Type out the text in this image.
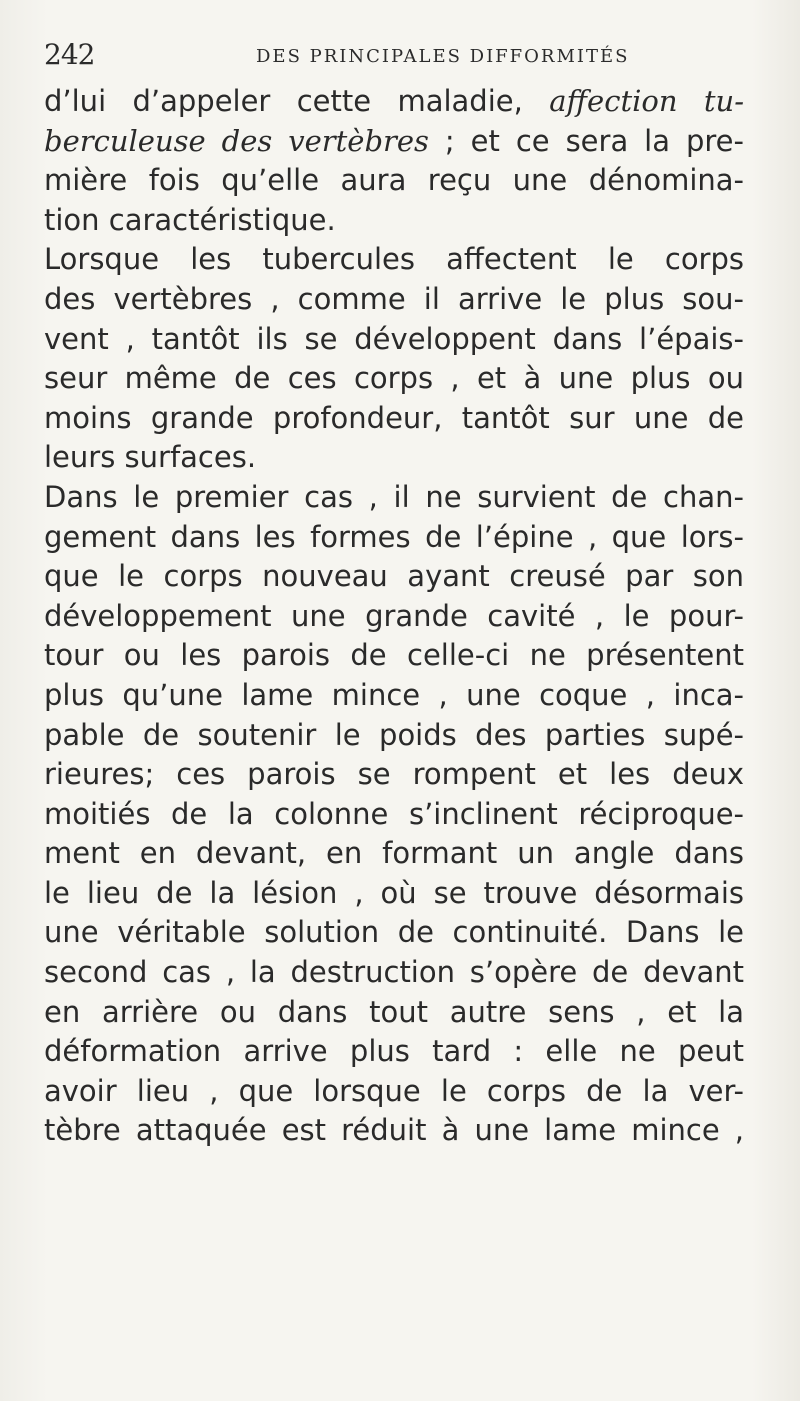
242	DES PRINCIPALES DIFFORMITÉS
d’lui d’appeler cette maladie, affection tu-
berculeuse des vertèbres ; et ce sera la pre-
mière fois qu’elle aura reçu une dénomina-
tion caractéristique.
Lorsque les tubercules affectent le corps
des vertèbres , comme il arrive le plus sou-
vent , tantôt ils se développent dans l’épais-
seur même de ces corps , et à une plus ou
moins grande profondeur, tantôt sur une de
leurs surfaces.
Dans le premier cas , il ne survient de chan-
gement dans les formes de l’épine , que lors-
que le corps nouveau ayant creusé par son
développement une grande cavité , le pour-
tour ou les parois de celle-ci ne présentent
plus qu’une lame mince , une coque , inca-
pable de soutenir le poids des parties supé-
rieures; ces parois se rompent et les deux
moitiés de la colonne s’inclinent réciproque-
ment en devant, en formant un angle dans
le lieu de la lésion , où se trouve désormais
une véritable solution de continuité. Dans le
second cas , la destruction s’opère de devant
en arrière ou dans tout autre sens , et la
déformation arrive plus tard : elle ne peut
avoir lieu , que lorsque le corps de la ver-
tèbre attaquée est réduit à une lame mince ,
